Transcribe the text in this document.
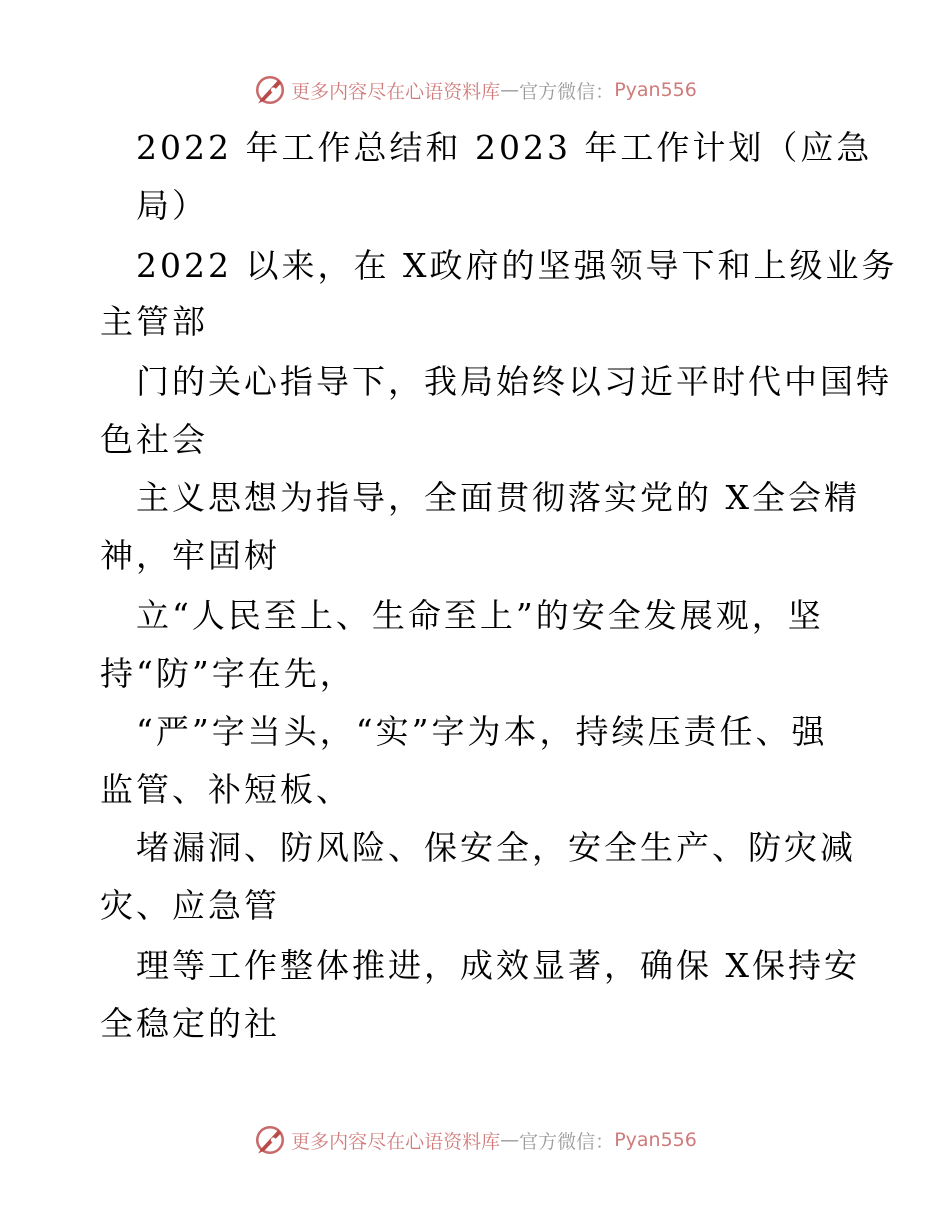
更多内容尽在心语资料库 — 官方微信： Pyan556
2022 年工作总结和 2023 年工作计划（应急
局）
2022 以来，在 X政府的坚强领导下和上级业务
主管部
门的关心指导下，我局始终以习近平时代中国特
色社会
主义思想为指导，全面贯彻落实党的 X全会精
神，牢固树
立“人民至上、生命至上”的安全发展观，坚
持“防”字在先，
“严”字当头，“实”字为本，持续压责任、强
监管、补短板、
堵漏洞、防风险、保安全，安全生产、防灾减
灾、应急管
理等工作整体推进，成效显著，确保 X保持安
全稳定的社
更多内容尽在心语资料库 — 官方微信： Pyan556
